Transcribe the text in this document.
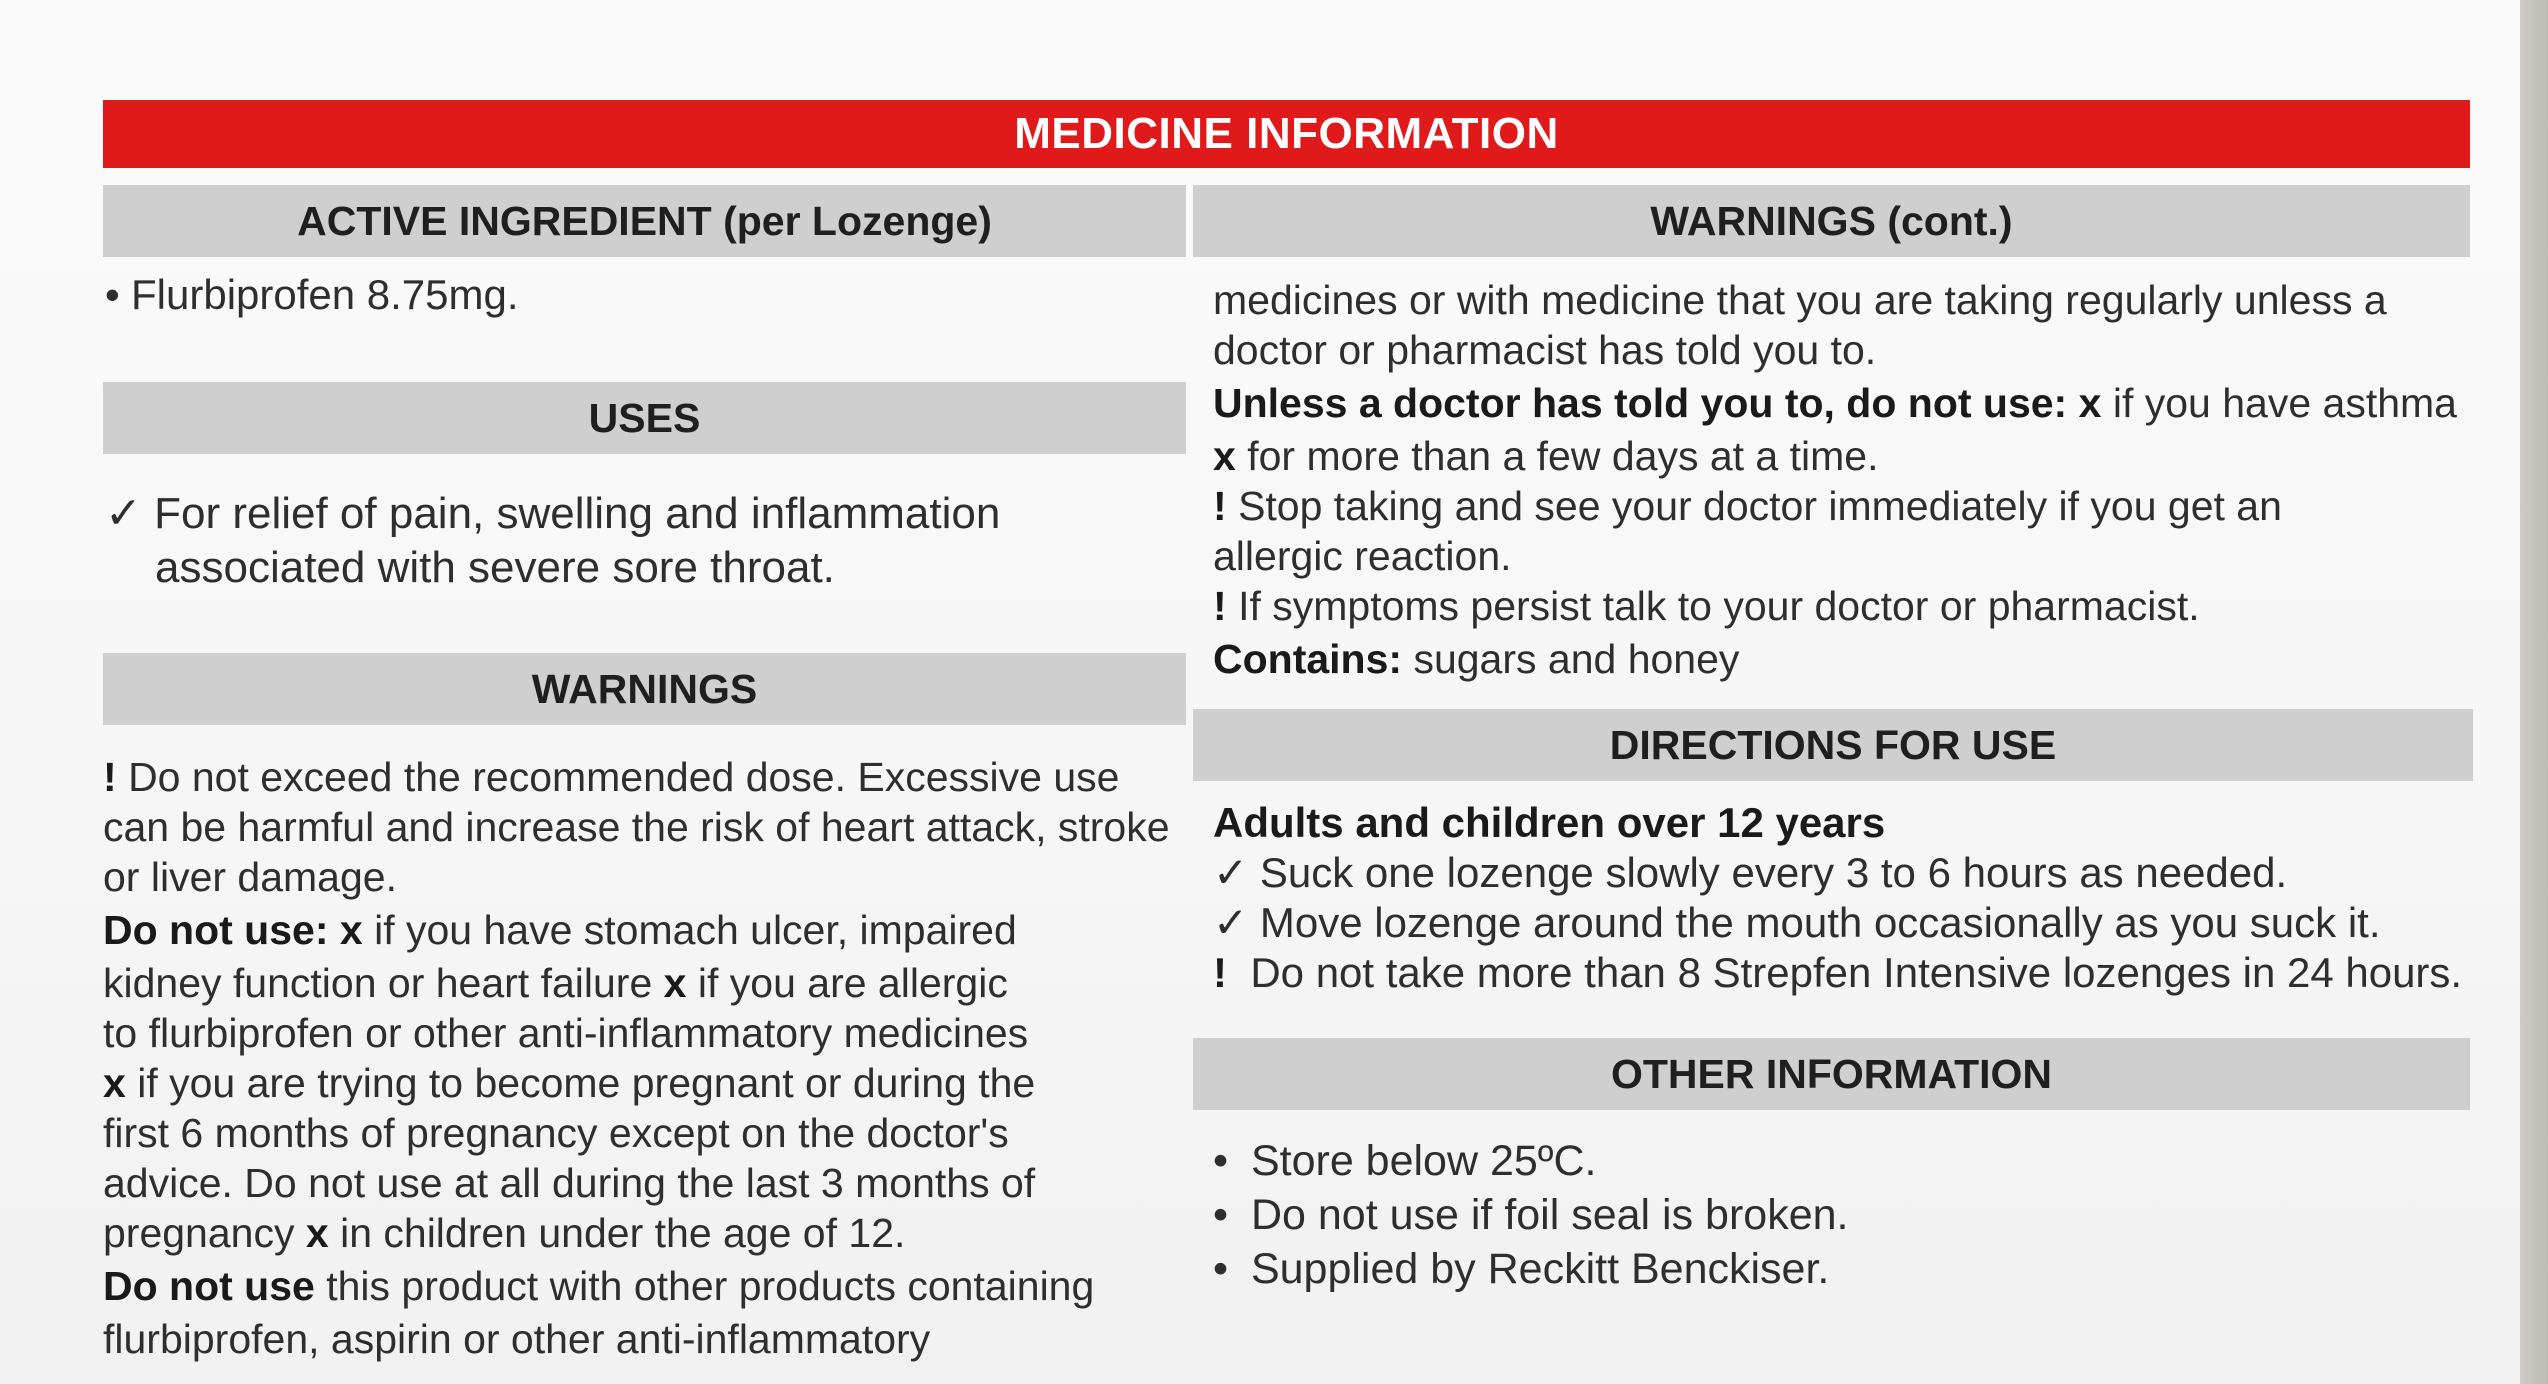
MEDICINE INFORMATION
ACTIVE INGREDIENT (per Lozenge)
• Flurbiprofen 8.75mg.
USES
✓ For relief of pain, swelling and inflammation
associated with severe sore throat.
WARNINGS
! Do not exceed the recommended dose. Excessive use
can be harmful and increase the risk of heart attack, stroke
or liver damage.
Do not use: x if you have stomach ulcer, impaired
kidney function or heart failure x if you are allergic
to flurbiprofen or other anti-inflammatory medicines
x if you are trying to become pregnant or during the
first 6 months of pregnancy except on the doctor's
advice. Do not use at all during the last 3 months of
pregnancy x in children under the age of 12.
Do not use this product with other products containing
flurbiprofen, aspirin or other anti-inflammatory
WARNINGS (cont.)
medicines or with medicine that you are taking regularly unless a
doctor or pharmacist has told you to.
Unless a doctor has told you to, do not use: x if you have asthma
x for more than a few days at a time.
! Stop taking and see your doctor immediately if you get an
allergic reaction.
! If symptoms persist talk to your doctor or pharmacist.
Contains: sugars and honey
DIRECTIONS FOR USE
Adults and children over 12 years
✓ Suck one lozenge slowly every 3 to 6 hours as needed.
✓ Move lozenge around the mouth occasionally as you suck it.
! Do not take more than 8 Strepfen Intensive lozenges in 24 hours.
OTHER INFORMATION
• Store below 25ºC.
• Do not use if foil seal is broken.
• Supplied by Reckitt Benckiser.
